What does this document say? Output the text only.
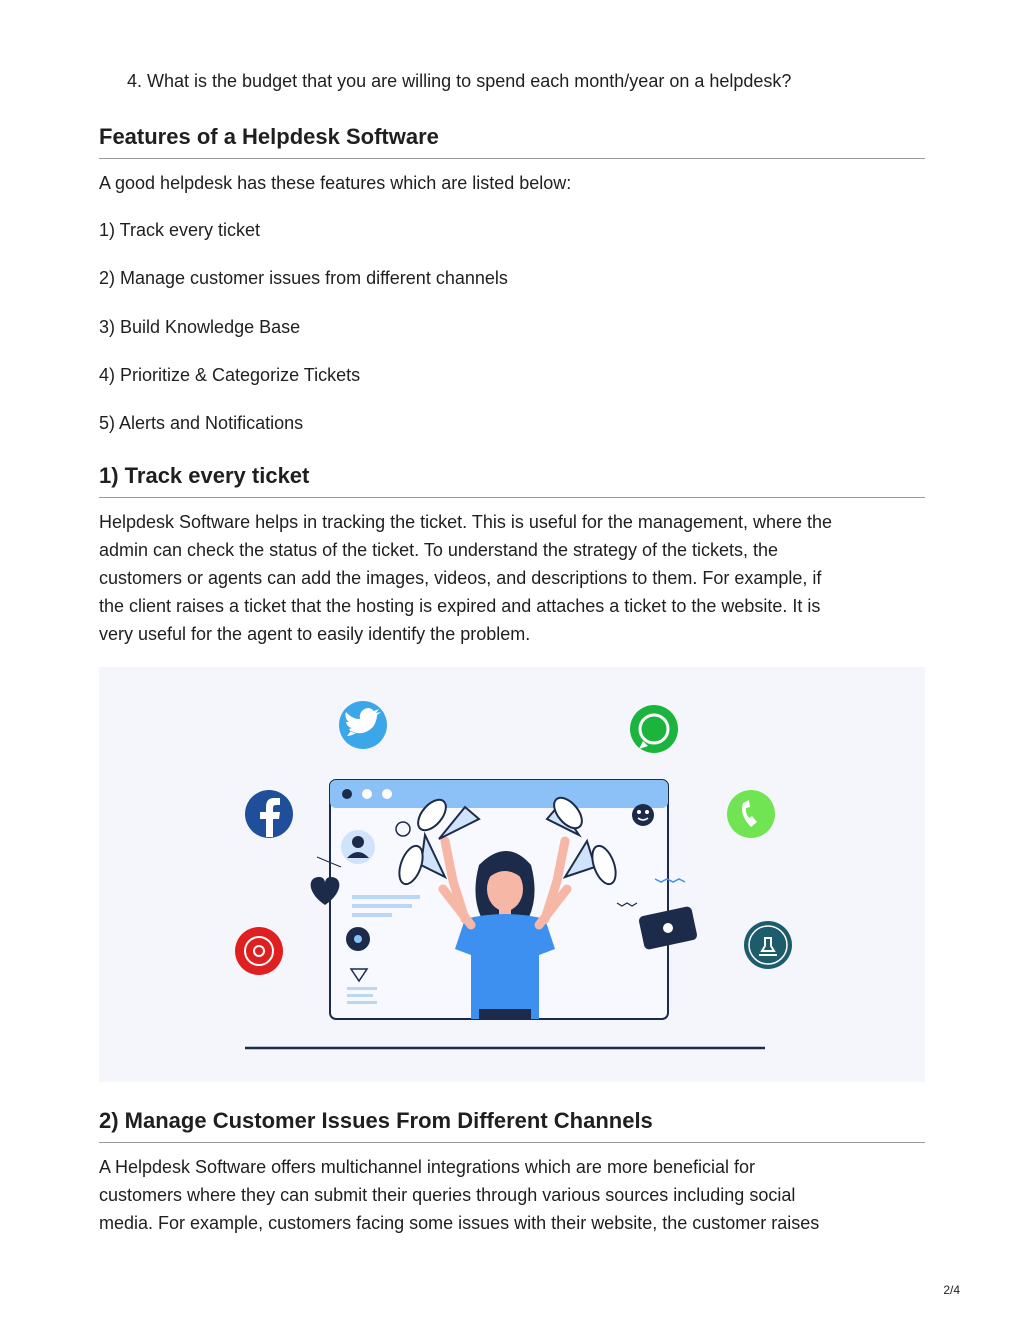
4. What is the budget that you are willing to spend each month/year on a helpdesk?
Features of a Helpdesk Software
A good helpdesk has these features which are listed below:
1) Track every ticket
2) Manage customer issues from different channels
3) Build Knowledge Base
4) Prioritize & Categorize Tickets
5) Alerts and Notifications
1) Track every ticket
Helpdesk Software helps in tracking the ticket. This is useful for the management, where the
admin can check the status of the ticket. To understand the strategy of the tickets, the
customers or agents can add the images, videos, and descriptions to them. For example, if
the client raises a ticket that the hosting is expired and attaches a ticket to the website. It is
very useful for the agent to easily identify the problem.
2) Manage Customer Issues From Different Channels
A Helpdesk Software offers multichannel integrations which are more beneficial for
customers where they can submit their queries through various sources including social
media. For example, customers facing some issues with their website, the customer raises
2/4
